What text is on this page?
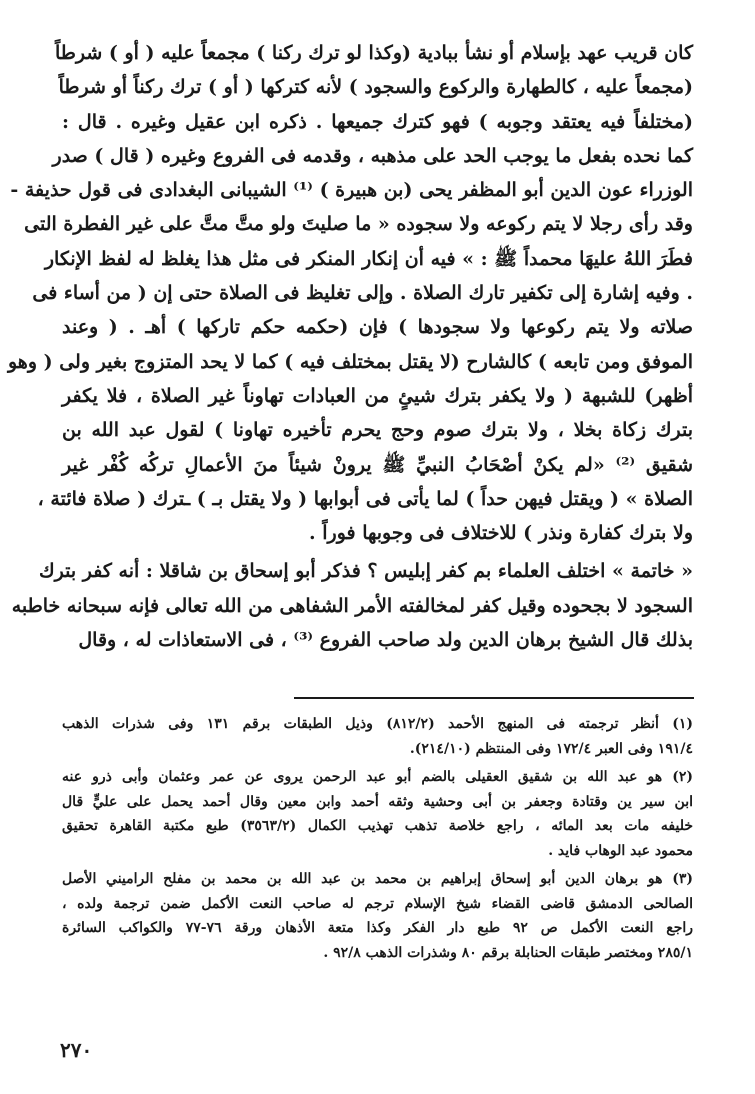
كان قريب عهد بإسلام أو نشأ ببادية (وكذا لو ترك ركنا ) مجمعاً عليه ( أو ) شرطاً
(مجمعاً عليه ، كالطهارة والركوع والسجود ) لأنه كتركها ( أو ) ترك ركناً أو شرطاً
(مختلفاً فيه يعتقد وجوبه ) فهو كترك جميعها . ذكره ابن عقيل وغيره . قال :
كما نحده بفعل ما يوجب الحد على مذهبه ، وقدمه فى الفروع وغيره ( قال ) صدر
الوزراء عون الدين أبو المظفر يحى (بن هبيرة ) ⁽¹⁾ الشيبانى البغدادى فى قول حذيفة -
وقد رأى رجلا لا يتم ركوعه ولا سجوده « ما صليتَ ولو متَّ متَّ على غير الفطرة التى
فطَرَ اللهُ عليهَا محمداً ﷺ : » فيه أن إنكار المنكر فى مثل هذا يغلظ له لفظ الإنكار
. وفيه إشارة إلى تكفير تارك الصلاة . وإلى تغليظ فى الصلاة حتى إن ( من أساء فى
صلاته ولا يتم ركوعها ولا سجودها ) فإن (حكمه حكم تاركها ) أهـ . ( وعند
الموفق ومن تابعه ) كالشارح (لا يقتل بمختلف فيه ) كما لا يحد المتزوج بغير ولى ( وهو
أظهر) للشبهة ( ولا يكفر بترك شيئٍ من العبادات تهاوناً غير الصلاة ، فلا يكفر
بترك زكاة بخلا ، ولا بترك صوم وحج يحرم تأخيره تهاونا ) لقول عبد الله بن
شقيق ⁽²⁾ «لم يكنْ أصْحَابُ النبيِّ ﷺ يرونْ شيئاً منَ الأعمالِ تركُه كُفْر غير
الصلاة » ( ويقتل فيهن حداً ) لما يأتى فى أبوابها ( ولا يقتل بـ ) ـترك ( صلاة فائتة ،
ولا بترك كفارة ونذر ) للاختلاف فى وجوبها فوراً .

« خاتمة » اختلف العلماء بم كفر إبليس ؟ فذكر أبو إسحاق بن شاقلا : أنه كفر بترك
السجود لا بجحوده وقيل كفر لمخالفته الأمر الشفاهى من الله تعالى فإنه سبحانه خاطبه
بذلك قال الشيخ برهان الدين ولد صاحب الفروع ⁽³⁾ ، فى الاستعاذات له ، وقال

(١) أنظر ترجمته فى المنهج الأحمد (٨١٢/٢) وذيل الطبقات برقم ١٣١ وفى شذرات الذهب
١٩١/٤ وفى العبر ١٧٢/٤ وفى المنتظم (٢١٤/١٠).
(٢) هو عبد الله بن شقيق العقيلى بالضم أبو عبد الرحمن يروى عن عمر وعثمان وأبى ذرو عنه
ابن سير ين وقتادة وجعفر بن أبى وحشية وثقه أحمد وابن معين وقال أحمد يحمل على عليٍّ قال
خليفه مات بعد المائه ، راجع خلاصة تذهب تهذيب الكمال (٣٥٦٣/٢) طبع مكتبة القاهرة تحقيق
محمود عبد الوهاب فايد .
(٣) هو برهان الدين أبو إسحاق إبراهيم بن محمد بن عبد الله بن محمد بن مفلح الراميني الأصل
الصالحى الدمشق قاضى القضاء شيخ الإسلام ترجم له صاحب النعت الأكمل ضمن ترجمة ولده ،
راجع النعت الأكمل ص ٩٢ طبع دار الفكر وكذا متعة الأذهان ورقة ٧٦-٧٧ والكواكب السائرة
٢٨٥/١ ومختصر طبقات الحنابلة برقم ٨٠ وشذرات الذهب ٩٢/٨ .
٢٧٠
